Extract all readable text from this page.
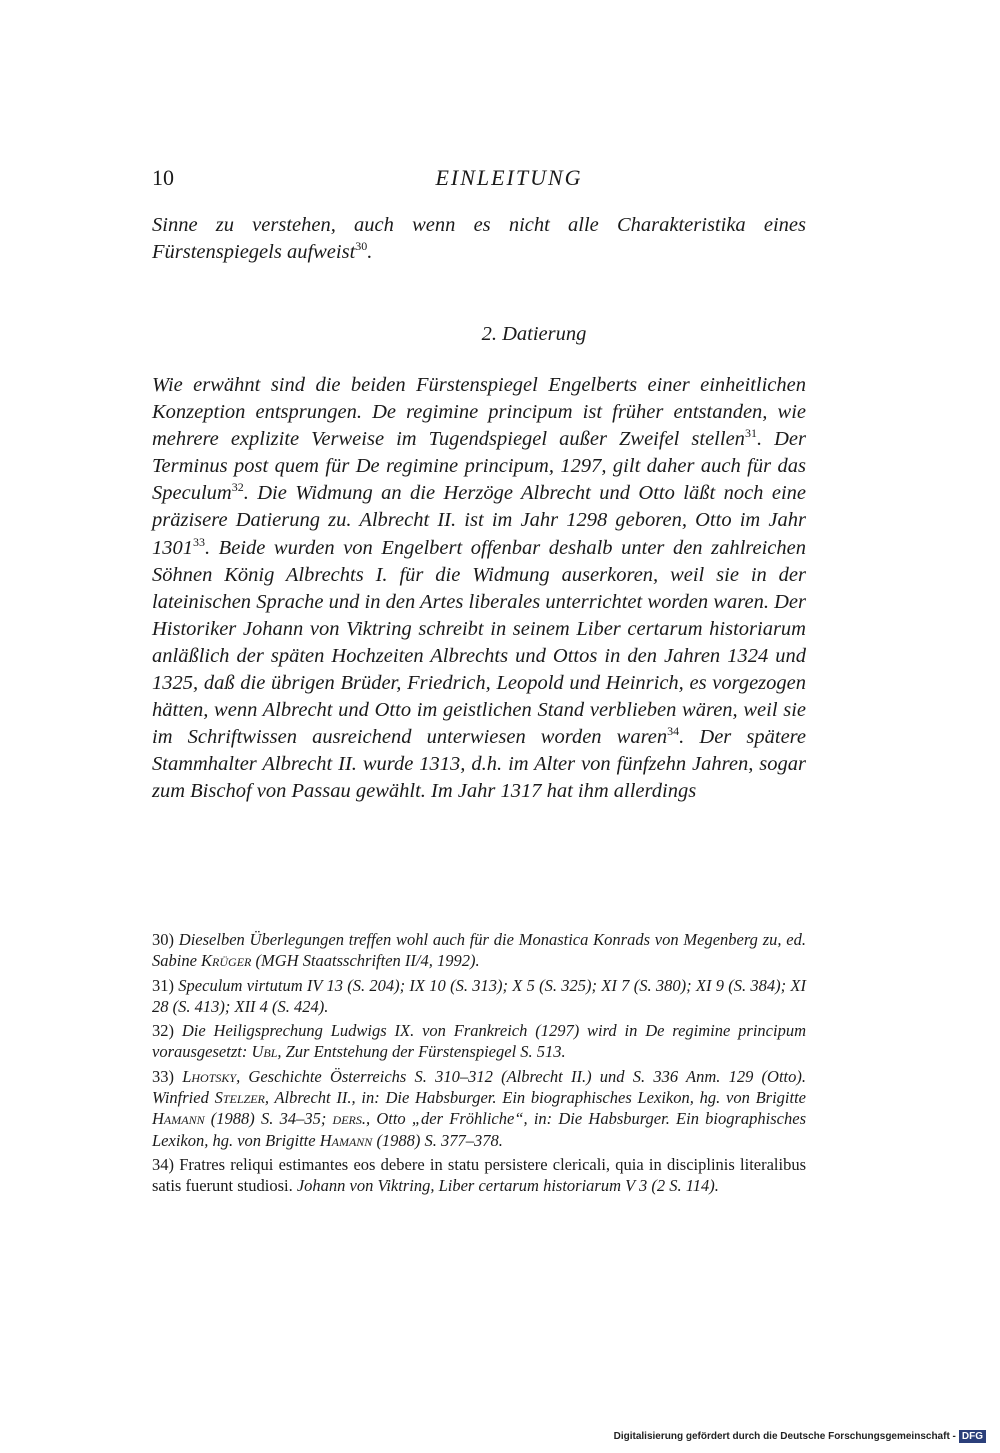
10	EINLEITUNG

Sinne zu verstehen, auch wenn es nicht alle Charakteristika eines Fürstenspiegels aufweist$^{30}$.

2. Datierung

Wie erwähnt sind die beiden Fürstenspiegel Engelberts einer einheitlichen Konzeption entsprungen. De regimine principum ist früher entstanden, wie mehrere explizite Verweise im Tugendspiegel außer Zweifel stellen$^{31}$. Der Terminus post quem für De regimine principum, 1297, gilt daher auch für das Speculum$^{32}$. Die Widmung an die Herzöge Albrecht und Otto läßt noch eine präzisere Datierung zu. Albrecht II. ist im Jahr 1298 geboren, Otto im Jahr 1301$^{33}$. Beide wurden von Engelbert offenbar deshalb unter den zahlreichen Söhnen König Albrechts I. für die Widmung auserkoren, weil sie in der lateinischen Sprache und in den Artes liberales unterrichtet worden waren. Der Historiker Johann von Viktring schreibt in seinem Liber certarum historiarum anläßlich der späten Hochzeiten Albrechts und Ottos in den Jahren 1324 und 1325, daß die übrigen Brüder, Friedrich, Leopold und Heinrich, es vorgezogen hätten, wenn Albrecht und Otto im geistlichen Stand verblieben wären, weil sie im Schriftwissen ausreichend unterwiesen worden waren$^{34}$. Der spätere Stammhalter Albrecht II. wurde 1313, d.h. im Alter von fünfzehn Jahren, sogar zum Bischof von Passau gewählt. Im Jahr 1317 hat ihm allerdings

30) Dieselben Überlegungen treffen wohl auch für die Monastica Konrads von Megenberg zu, ed. Sabine Krüger (MGH Staatsschriften II/4, 1992).

31) Speculum virtutum IV 13 (S. 204); IX 10 (S. 313); X 5 (S. 325); XI 7 (S. 380); XI 9 (S. 384); XI 28 (S. 413); XII 4 (S. 424).

32) Die Heiligsprechung Ludwigs IX. von Frankreich (1297) wird in De regimine principum vorausgesetzt: Ubl, Zur Entstehung der Fürstenspiegel S. 513.

33) Lhotsky, Geschichte Österreichs S. 310–312 (Albrecht II.) und S. 336 Anm. 129 (Otto). Winfried Stelzer, Albrecht II., in: Die Habsburger. Ein biographisches Lexikon, hg. von Brigitte Hamann (1988) S. 34–35; ders., Otto „der Fröhliche“, in: Die Habsburger. Ein biographisches Lexikon, hg. von Brigitte Hamann (1988) S. 377–378.

34) Fratres reliqui estimantes eos debere in statu persistere clericali, quia in disciplinis literalibus satis fuerunt studiosi. Johann von Viktring, Liber certarum historiarum V 3 (2 S. 114).

Digitalisierung gefördert durch die Deutsche Forschungsgemeinschaft - DFG
